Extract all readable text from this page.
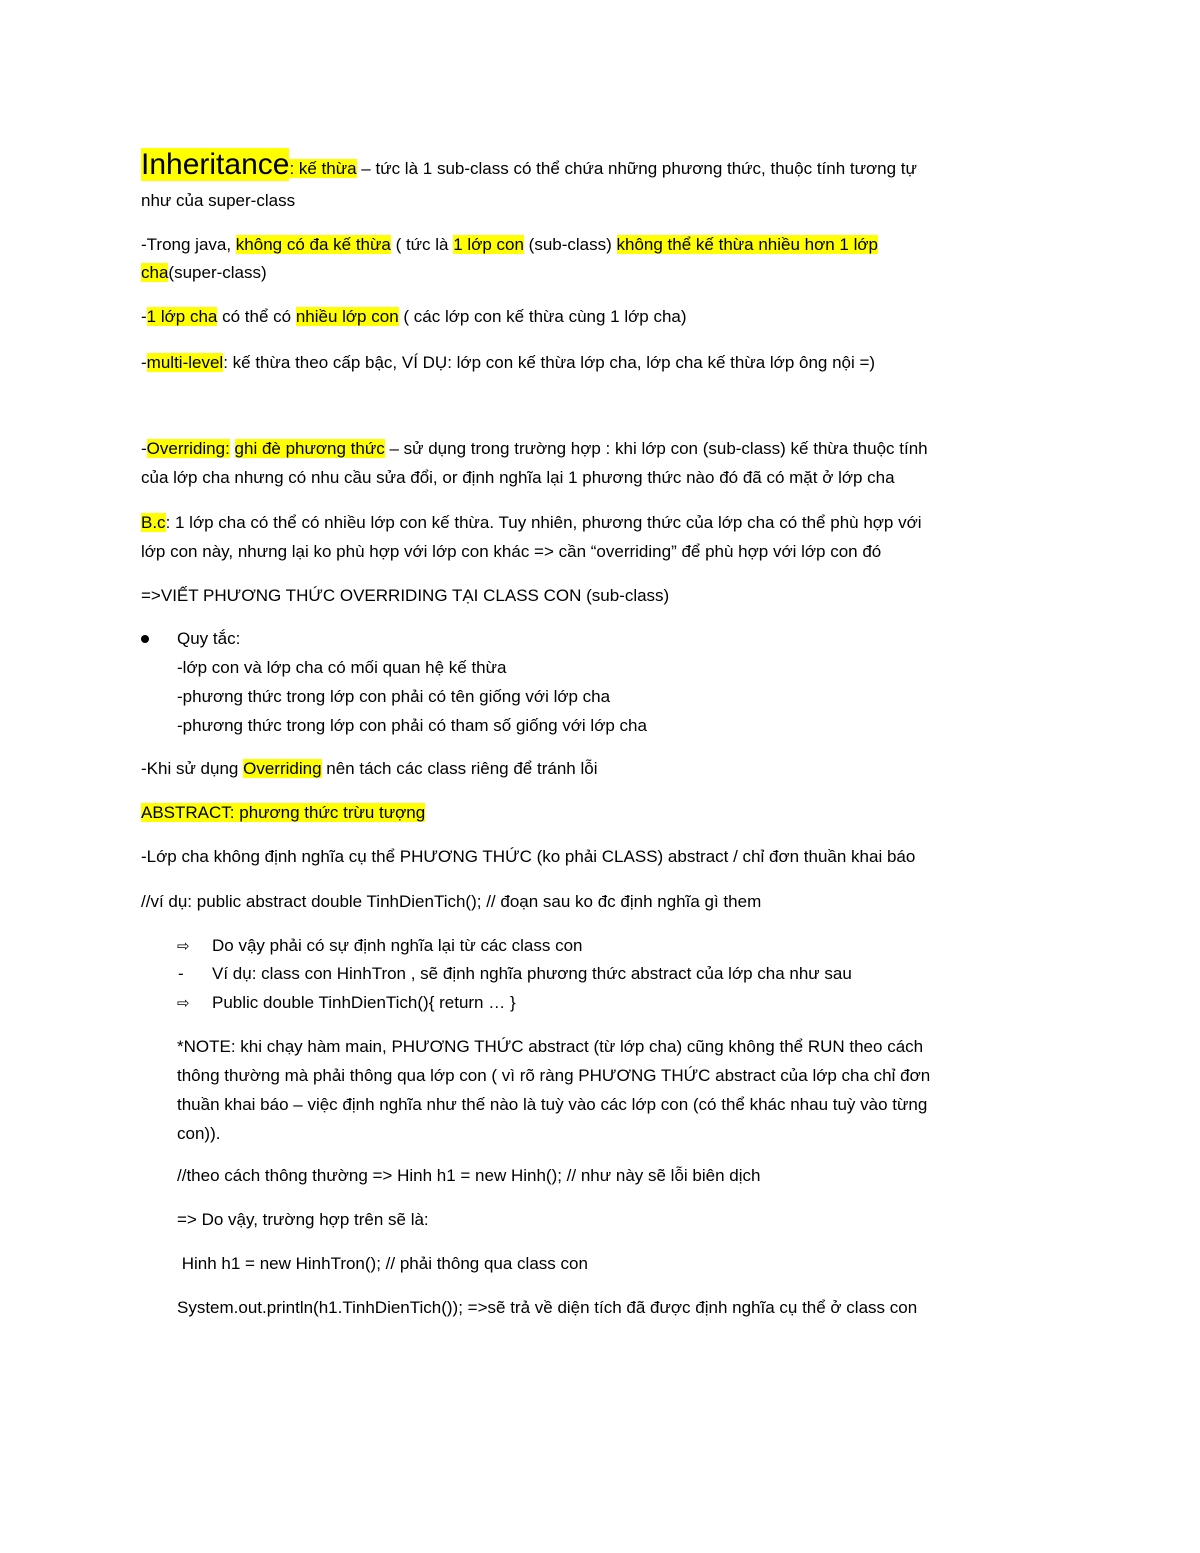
Inheritance: kế thừa – tức là 1 sub-class có thể chứa những phương thức, thuộc tính tương tự
như của super-class
-Trong java, không có đa kế thừa ( tức là 1 lớp con (sub-class) không thể kế thừa nhiều hơn 1 lớp
cha(super-class)
-1 lớp cha có thể có nhiều lớp con ( các lớp con kế thừa cùng 1 lớp cha)
-multi-level: kế thừa theo cấp bậc, VÍ DỤ: lớp con kế thừa lớp cha, lớp cha kế thừa lớp ông nội =)
-Overriding: ghi đè phương thức – sử dụng trong trường hợp : khi lớp con (sub-class) kế thừa thuộc tính
của lớp cha nhưng có nhu cầu sửa đổi, or định nghĩa lại 1 phương thức nào đó đã có mặt ở lớp cha
B.c: 1 lớp cha có thể có nhiều lớp con kế thừa. Tuy nhiên, phương thức của lớp cha có thể phù hợp với
lớp con này, nhưng lại ko phù hợp với lớp con khác => cần “overriding” để phù hợp với lớp con đó
=>VIẾT PHƯƠNG THỨC OVERRIDING TẠI CLASS CON (sub-class)
Quy tắc:
-lớp con và lớp cha có mối quan hệ kế thừa
-phương thức trong lớp con phải có tên giống với lớp cha
-phương thức trong lớp con phải có tham số giống với lớp cha
-Khi sử dụng Overriding nên tách các class riêng để tránh lỗi
ABSTRACT: phương thức trừu tượng
-Lớp cha không định nghĩa cụ thể PHƯƠNG THỨC (ko phải CLASS) abstract / chỉ đơn thuần khai báo
//ví dụ: public abstract double TinhDienTich(); // đoạn sau ko đc định nghĩa gì them
⇨ Do vậy phải có sự định nghĩa lại từ các class con
- Ví dụ: class con HinhTron , sẽ định nghĩa phương thức abstract của lớp cha như sau
⇨ Public double TinhDienTich(){ return … }
*NOTE: khi chạy hàm main, PHƯƠNG THỨC abstract (từ lớp cha) cũng không thể RUN theo cách
thông thường mà phải thông qua lớp con ( vì rõ ràng PHƯƠNG THỨC abstract của lớp cha chỉ đơn
thuần khai báo – việc định nghĩa như thế nào là tuỳ vào các lớp con (có thể khác nhau tuỳ vào từng
con)).
//theo cách thông thường => Hinh h1 = new Hinh(); // như này sẽ lỗi biên dịch
=> Do vậy, trường hợp trên sẽ là:
Hinh h1 = new HinhTron(); // phải thông qua class con
System.out.println(h1.TinhDienTich()); =>sẽ trả về diện tích đã được định nghĩa cụ thể ở class con
